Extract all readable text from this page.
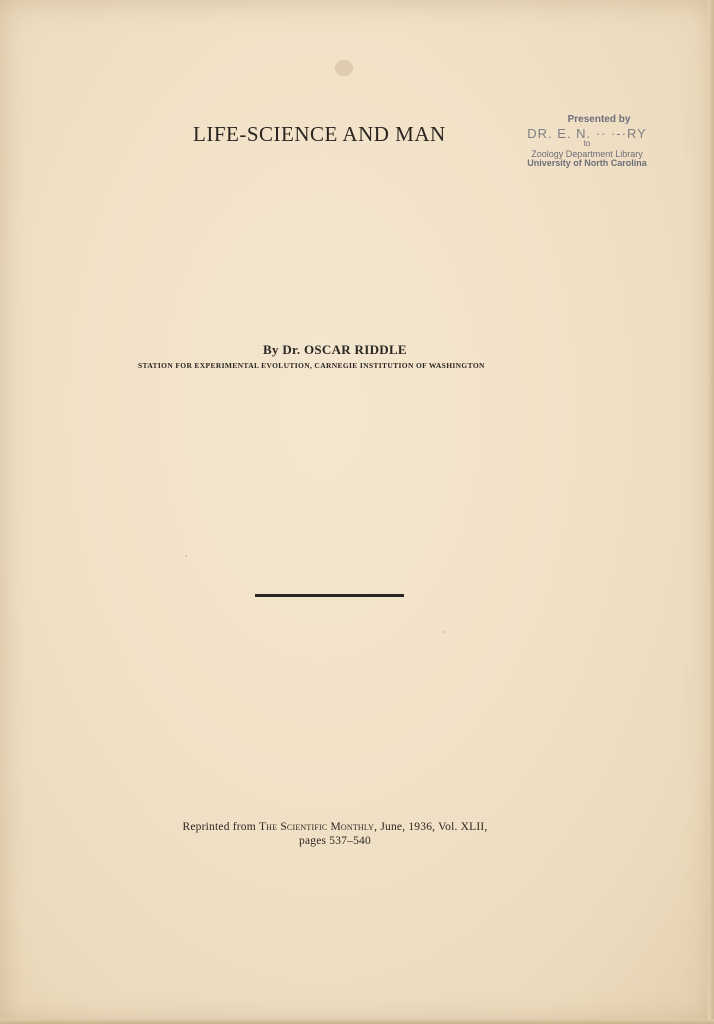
LIFE-SCIENCE AND MAN
Presented by
DR. E. N. ·· ·-·RY
to
Zoology Department Library
University of North Carolina
By Dr. OSCAR RIDDLE
STATION FOR EXPERIMENTAL EVOLUTION, CARNEGIE INSTITUTION OF WASHINGTON
Reprinted from The Scientific Monthly, June, 1936, Vol. XLII,
pages 537–540
